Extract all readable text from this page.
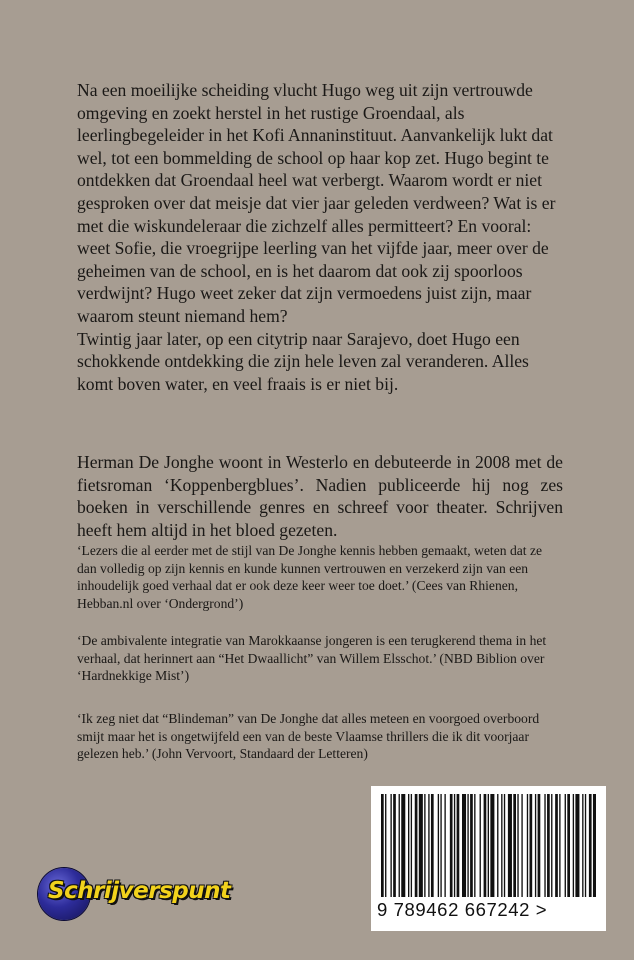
Na een moeilijke scheiding vlucht Hugo weg uit zijn vertrouwde omgeving en zoekt herstel in het rustige Groendaal, als leerlingbegeleider in het Kofi Annaninstituut. Aanvankelijk lukt dat wel, tot een bommelding de school op haar kop zet. Hugo begint te ontdekken dat Groendaal heel wat verbergt. Waarom wordt er niet gesproken over dat meisje dat vier jaar geleden verdween? Wat is er met die wiskundeleraar die zichzelf alles permitteert? En vooral: weet Sofie, die vroegrijpe leerling van het vijfde jaar, meer over de geheimen van de school, en is het daarom dat ook zij spoorloos verdwijnt? Hugo weet zeker dat zijn vermoedens juist zijn, maar waarom steunt niemand hem?

Twintig jaar later, op een citytrip naar Sarajevo, doet Hugo een schokkende ontdekking die zijn hele leven zal veranderen. Alles komt boven water, en veel fraais is er niet bij.

Herman De Jonghe woont in Westerlo en debuteerde in 2008 met de fietsroman ‘Koppenbergblues’. Nadien publiceerde hij nog zes boeken in verschillende genres en schreef voor theater. Schrijven heeft hem altijd in het bloed gezeten.

‘Lezers die al eerder met de stijl van De Jonghe kennis hebben gemaakt, weten dat ze dan volledig op zijn kennis en kunde kunnen vertrouwen en verzekerd zijn van een inhoudelijk goed verhaal dat er ook deze keer weer toe doet.’ (Cees van Rhienen, Hebban.nl over ‘Ondergrond’)

‘De ambivalente integratie van Marokkaanse jongeren is een terugkerend thema in het verhaal, dat herinnert aan “Het Dwaallicht” van Willem Elsschot.’ (NBD Biblion over ‘Hardnekkige Mist’)

‘Ik zeg niet dat “Blindeman” van De Jonghe dat alles meteen en voorgoed overboord smijt maar het is ongetwijfeld een van de beste Vlaamse thrillers die ik dit voorjaar gelezen heb.’ (John Vervoort, Standaard der Letteren)

9 789462 667242 >
Schrijverspunt
